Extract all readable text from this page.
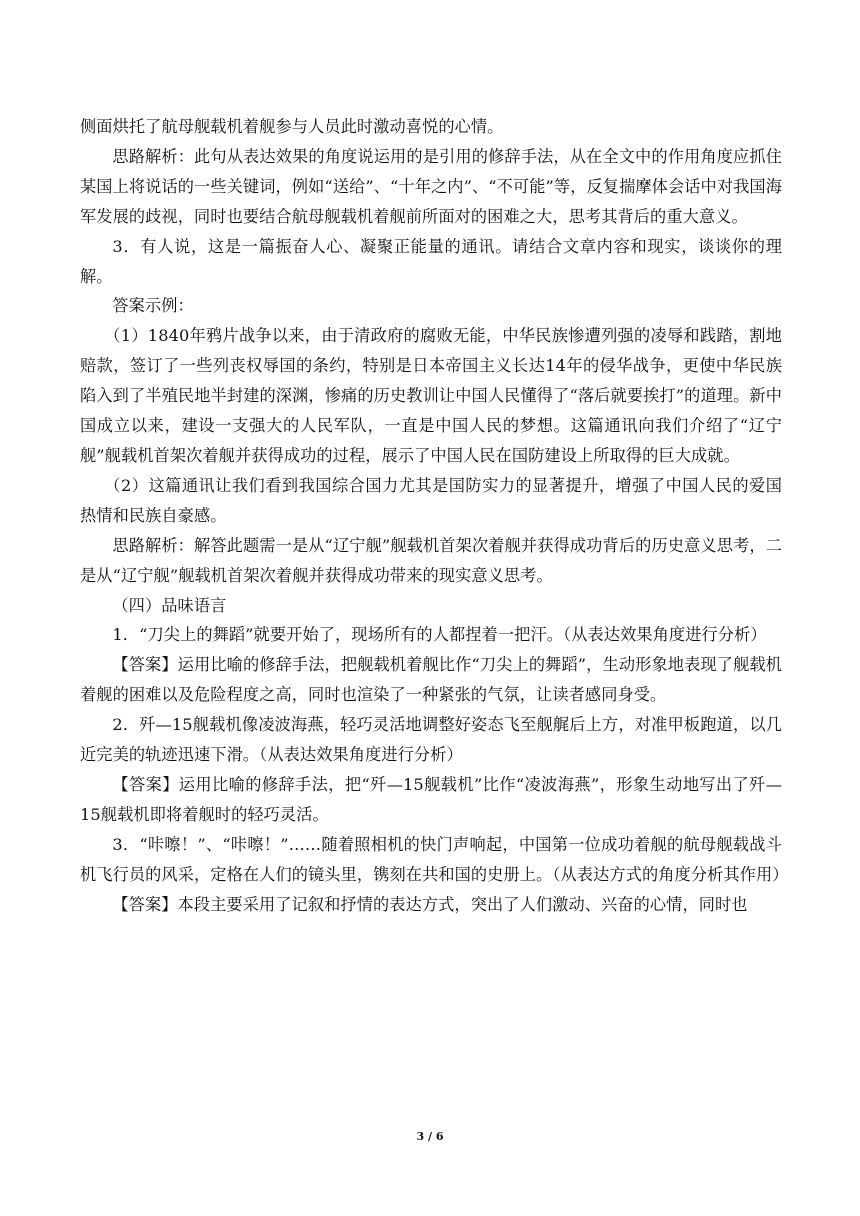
侧面烘托了航母舰载机着舰参与人员此时激动喜悦的心情。

思路解析：此句从表达效果的角度说运用的是引用的修辞手法，从在全文中的作用角度应抓住某国上将说话的一些关键词，例如“送给”、“十年之内”、“不可能”等，反复揣摩体会话中对我国海军发展的歧视，同时也要结合航母舰载机着舰前所面对的困难之大，思考其背后的重大意义。

3．有人说，这是一篇振奋人心、凝聚正能量的通讯。请结合文章内容和现实，谈谈你的理解。

答案示例：

（1）1840年鸦片战争以来，由于清政府的腐败无能，中华民族惨遭列强的凌辱和践踏，割地赔款，签订了一些列丧权辱国的条约，特别是日本帝国主义长达14年的侵华战争，更使中华民族陷入到了半殖民地半封建的深渊，惨痛的历史教训让中国人民懂得了“落后就要挨打”的道理。新中国成立以来，建设一支强大的人民军队，一直是中国人民的梦想。这篇通讯向我们介绍了“辽宁舰”舰载机首架次着舰并获得成功的过程，展示了中国人民在国防建设上所取得的巨大成就。

（2）这篇通讯让我们看到我国综合国力尤其是国防实力的显著提升，增强了中国人民的爱国热情和民族自豪感。

思路解析：解答此题需一是从“辽宁舰”舰载机首架次着舰并获得成功背后的历史意义思考，二是从“辽宁舰”舰载机首架次着舰并获得成功带来的现实意义思考。

（四）品味语言

1．“刀尖上的舞蹈”就要开始了，现场所有的人都捏着一把汗。（从表达效果角度进行分析）

【答案】运用比喻的修辞手法，把舰载机着舰比作“刀尖上的舞蹈”，生动形象地表现了舰载机着舰的困难以及危险程度之高，同时也渲染了一种紧张的气氛，让读者感同身受。

2．歼—15舰载机像凌波海燕，轻巧灵活地调整好姿态飞至舰艉后上方，对准甲板跑道，以几近完美的轨迹迅速下滑。（从表达效果角度进行分析）

【答案】运用比喻的修辞手法，把“歼—15舰载机”比作“凌波海燕”，形象生动地写出了歼—15舰载机即将着舰时的轻巧灵活。

3．“咔嚓！”、“咔嚓！”……随着照相机的快门声响起，中国第一位成功着舰的航母舰载战斗机飞行员的风采，定格在人们的镜头里，镌刻在共和国的史册上。（从表达方式的角度分析其作用）

【答案】本段主要采用了记叙和抒情的表达方式，突出了人们激动、兴奋的心情，同时也

3 / 6
